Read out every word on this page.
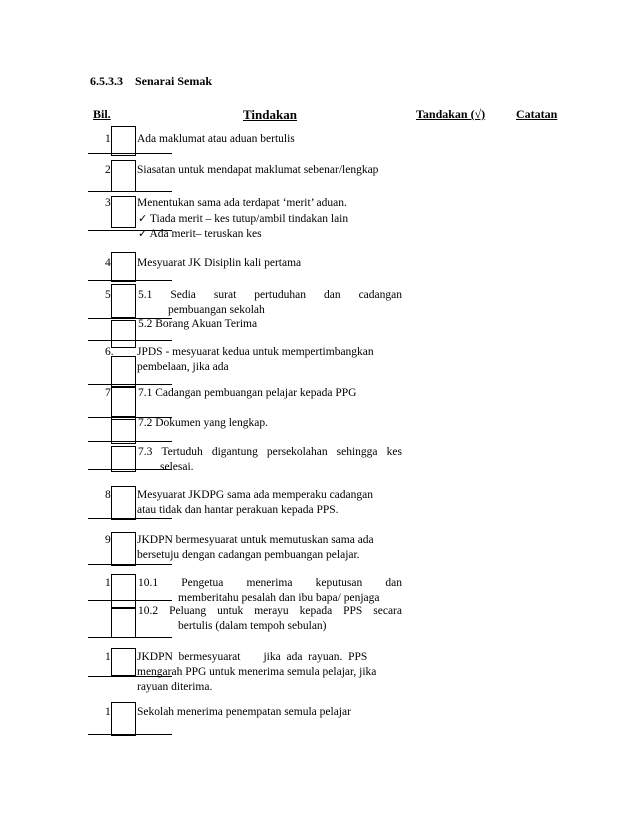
6.5.3.3 Senarai Semak
Bil.	Tindakan	Tandakan (√)	Catatan
1 Ada maklumat atau aduan bertulis
2 Siasatan untuk mendapat maklumat sebenar/lengkap
3 Menentukan sama ada terdapat ‘merit’ aduan.
✓ Tiada merit – kes tutup/ambil tindakan lain
✓ Ada merit– teruskan kes
4 Mesyuarat JK Disiplin kali pertama
5 5.1 Sedia surat pertuduhan dan cadangan
pembuangan sekolah
5.2 Borang Akuan Terima
6. JPDS - mesyuarat kedua untuk mempertimbangkan
pembelaan, jika ada
7 7.1 Cadangan pembuangan pelajar kepada PPG
7.2 Dokumen yang lengkap.
7.3 Tertuduh digantung persekolahan sehingga kes
selesai.
8 Mesyuarat JKDPG sama ada memperaku cadangan
atau tidak dan hantar perakuan kepada PPS.
9 JKDPN bermesyuarat untuk memutuskan sama ada
bersetuju dengan cadangan pembuangan pelajar.
1 10.1 Pengetua menerima keputusan dan
memberitahu pesalah dan ibu bapa/ penjaga
10.2 Peluang untuk merayu kepada PPS secara
bertulis (dalam tempoh sebulan)
1 JKDPN  bermesyuarat        jika  ada  rayuan.  PPS
mengarah PPG untuk menerima semula pelajar, jika
rayuan diterima.
1 Sekolah menerima penempatan semula pelajar
